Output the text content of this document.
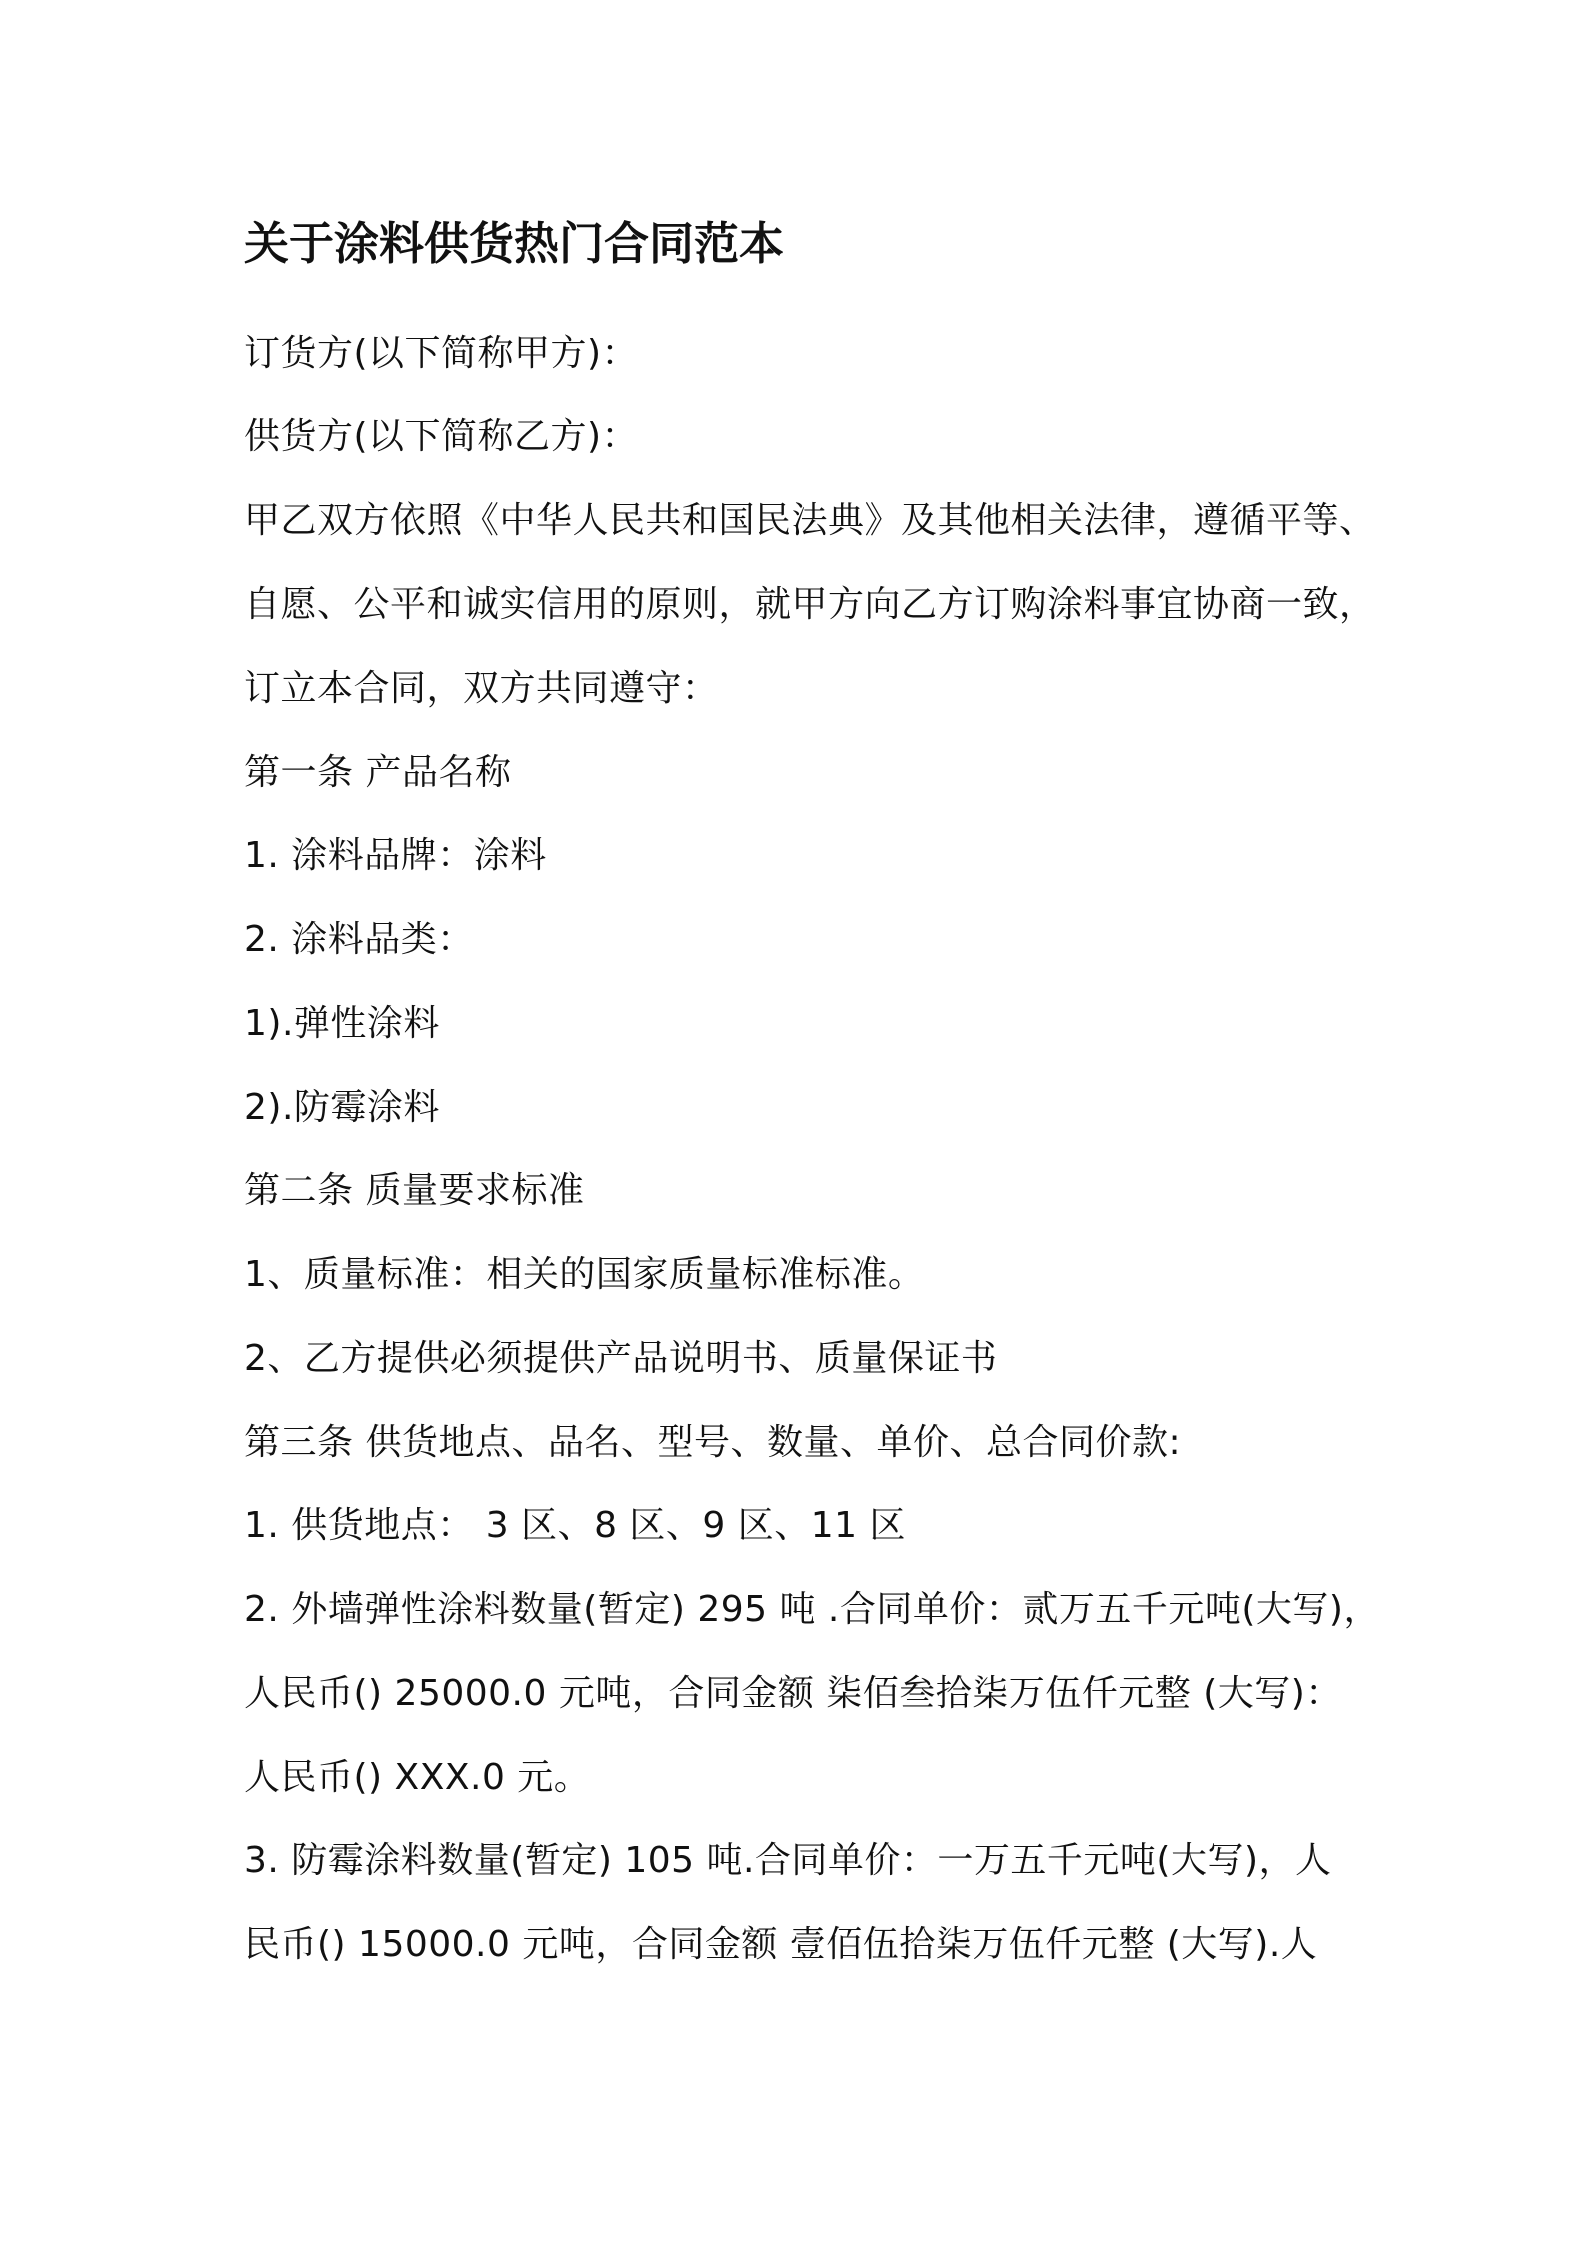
关于涂料供货热门合同范本
订货方(以下简称甲方)：
供货方(以下简称乙方)：
甲乙双方依照《中华人民共和国民法典》及其他相关法律，遵循平等、
自愿、公平和诚实信用的原则，就甲方向乙方订购涂料事宜协商一致，
订立本合同，双方共同遵守：
第一条 产品名称
1. 涂料品牌：涂料
2. 涂料品类：
1).弹性涂料
2).防霉涂料
第二条 质量要求标准
1、质量标准：相关的国家质量标准标准。
2、乙方提供必须提供产品说明书、质量保证书
第三条 供货地点、品名、型号、数量、单价、总合同价款:
1. 供货地点： 3 区、8 区、9 区、11 区
2. 外墙弹性涂料数量(暂定) 295 吨 .合同单价：贰万五千元吨(大写)，
人民币() 25000.0 元吨，合同金额 柒佰叁拾柒万伍仟元整 (大写)：
人民币() XXX.0 元。
3. 防霉涂料数量(暂定) 105 吨.合同单价：一万五千元吨(大写)，人
民币() 15000.0 元吨，合同金额 壹佰伍拾柒万伍仟元整 (大写).人
